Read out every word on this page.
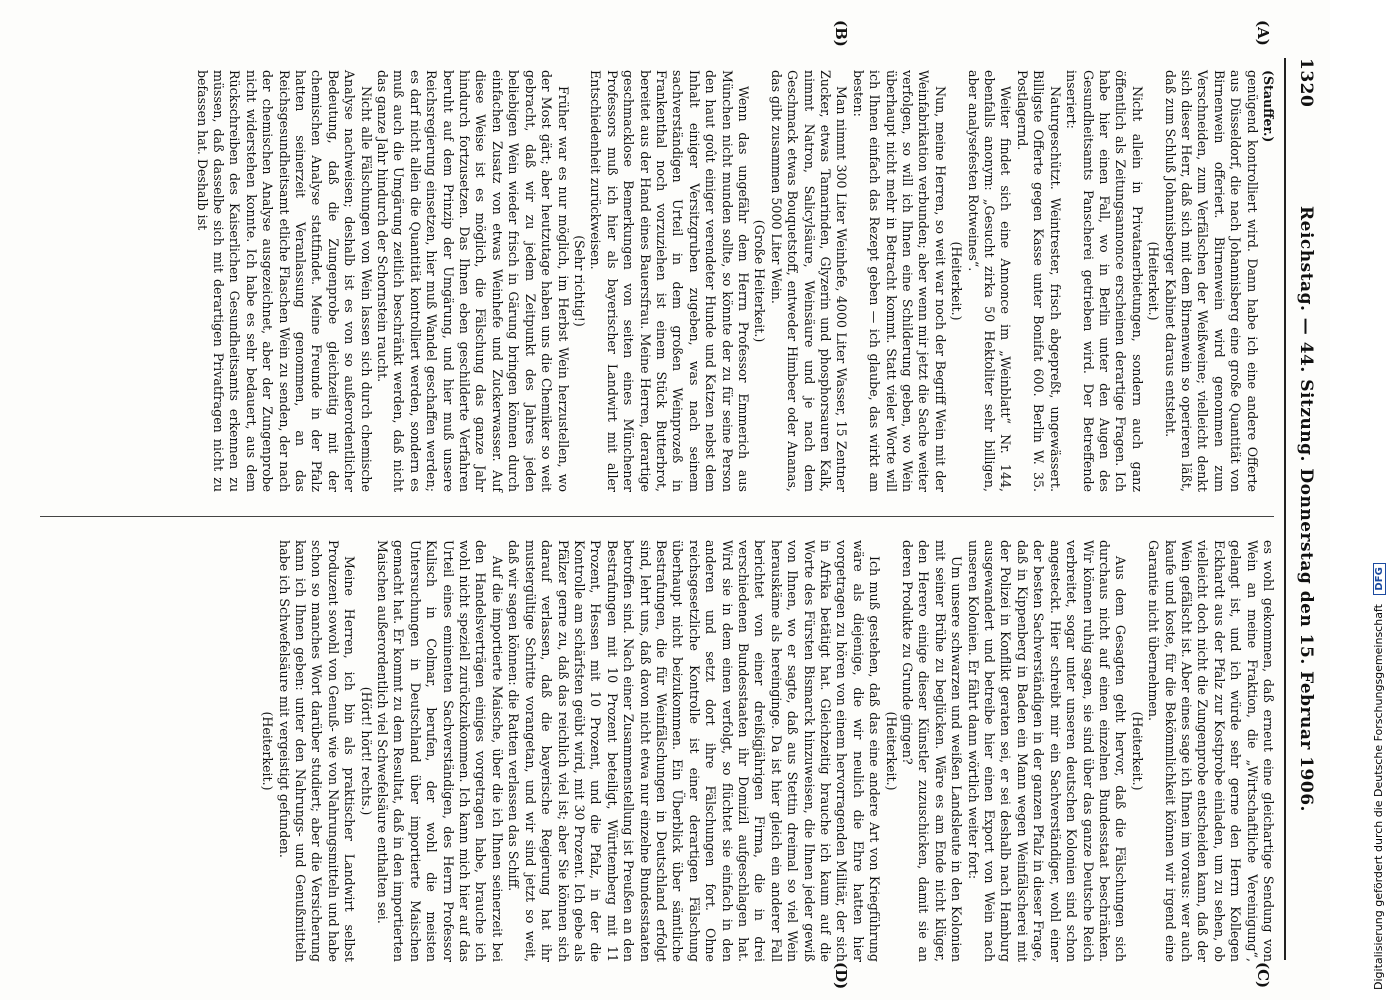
1320
Reichstag. — 44. Sitzung. Donnerstag den 15. Februar 1906.
(A)
(B)
(C)
(D)

(Stauffer.)

genügend kontrolliert wird. Dann habe ich eine andere Offerte aus Düsseldorf, die nach Johannisberg eine große Quantität von Birnenwein offeriert. Birnenwein wird genommen zum Verschneiden, zum Verfälschen der Weißweine; vielleicht denkt sich dieser Herr, daß sich mit dem Birnenwein so operieren läßt, daß zum Schluß Johannisberger Kabinet daraus entsteht.

(Heiterkeit.)

Nicht allein in Privatanerbietungen, sondern auch ganz öffentlich als Zeitungsannonce erscheinen derartige Fragen. Ich habe hier einen Fall, wo in Berlin unter den Augen des Gesundheitsamts Panscherei getrieben wird. Der Betreffende inseriert:

Naturgeschützt. Weintrester, frisch abgepreßt, ungewässert. Billigste Offerte gegen Kasse unter Bonifat 600. Berlin W. 35. Postlagernd.

Weiter findet sich eine Annonce im „Weinblatt“ Nr. 144, ebenfalls anonym: „Gesucht zirka 50 Hektoliter sehr billigen, aber analysefesten Rotweines“.

(Heiterkeit.)

Nun, meine Herren, so weit war noch der Begriff Wein mit der Weinfabrikation verbunden; aber wenn mir jetzt die Sache weiter verfolgen, so will ich Ihnen eine Schilderung geben, wo Wein überhaupt nicht mehr in Betracht kommt. Statt vieler Worte will ich Ihnen einfach das Rezept geben — ich glaube, das wirkt am besten:

Man nimmt 300 Liter Weinhefe, 4000 Liter Wasser, 15 Zentner Zucker, etwas Tamarinden, Glyzerin und phosphorsauren Kalk, nimmt Natron, Salicylsäure, Weinsäure und je nach dem Geschmack etwas Bouquetstoff, entweder Himbeer oder Ananas, das gibt zusammen 5000 Liter Wein.

(Große Heiterkeit.)

Wenn das ungefähr dem Herrn Professor Emmerich aus München nicht munden sollte, so könnte der zu für seine Person den haut goût einiger verendeter Hunde und Katzen nebst dem Inhalt einiger Versitzgruben zugeben, was nach seinem sachverständigen Urteil in dem großen Weinprozeß in Frankenthal noch vorzuziehen ist einem Stück Butterbrot, bereitet aus der Hand eines Bauersfrau. Meine Herren, derartige geschmacklose Bemerkungen von seiten eines Münchener Professors muß ich hier als bayerischer Landwirt mit aller Entschiedenheit zurückweisen.

(Sehr richtig!)

Früher war es nur möglich, im Herbst Wein herzustellen, wo der Most gärt; aber heutzutage haben uns die Chemiker so weit gebracht, daß wir zu jedem Zeitpunkt des Jahres jeden beliebigen Wein wieder frisch in Gärung bringen können durch einfachen Zusatz von etwas Weinhefe und Zuckerwasser. Auf diese Weise ist es möglich, die Fälschung das ganze Jahr hindurch fortzusetzen. Das Ihnen eben geschilderte Verfahren beruht auf dem Prinzip der Umgärung, und hier muß unsere Reichsregierung einsetzen, hier muß Wandel geschaffen werden; es darf nicht allein die Quantität kontrolliert werden, sondern es muß auch die Umgärung zeitlich beschränkt werden, daß nicht das ganze Jahr hindurch der Schornstein raucht.

Nicht alle Fälschungen von Wein lassen sich durch chemische Analyse nachweisen; deshalb ist es von so außerordentlicher Bedeutung, daß die Zungenprobe gleichzeitig mit der chemischen Analyse stattfindet. Meine Freunde in der Pfalz hatten seinerzeit Veranlassung genommen, an das Reichsgesundheitsamt etliche Flaschen Wein zu senden, der nach der chemischen Analyse ausgezeichnet, aber der Zungenprobe nicht widerstehen konnte. Ich habe es sehr bedauert, aus dem Rückschreiben des Kaiserlichen Gesundheitsamts erkennen zu müssen, daß dasselbe sich mit derartigen Privatfragen nicht zu befassen hat. Deshalb ist

es wohl gekommen, daß erneut eine gleichartige Sendung von Wein an meine Fraktion, die „Wirtschaftliche Vereinigung“, gelangt ist, und ich würde sehr gerne den Herrn Kollegen Eckhardt aus der Pfalz zur Kostprobe einladen, um zu sehen, ob vielleicht doch nicht die Zungenprobe entscheiden kann, daß der Wein gefälscht ist. Aber eines sage ich Ihnen im voraus: wer auch kaufe und koste, für die Bekömmlichkeit können wir irgend eine Garantie nicht übernehmen.

(Heiterkeit.)

Aus dem Gesagten geht hervor, daß die Fälschungen sich durchaus nicht auf einen einzelnen Bundesstaat beschränken. Wir können ruhig sagen, sie sind über das ganze Deutsche Reich verbreitet, sogar unter unseren deutschen Kolonien sind schon angesteckt. Hier schreibt mir ein Sachverständiger, wohl einer der besten Sachverständigen in der ganzen Pfalz in dieser Frage, daß in Kippenberg in Baden ein Mann wegen Weinfälscherei mit der Polizei in Konflikt geraten sei, er sei deshalb nach Hamburg ausgewandert und betreibe hier einen Export von Wein nach unseren Kolonien. Er fährt dann wörtlich weiter fort:

Um unsere schwarzen und weißen Landsleute in den Kolonien mit seiner Brühe zu beglücken. Wäre es am Ende nicht klüger, den Herero einige dieser Künstler zuzuschicken, damit sie an deren Produkte zu Grunde gingen?

(Heiterkeit.)

Ich muß gestehen, daß das eine andere Art von Kriegführung wäre als diejenige, die wir neulich die Ehre hatten hier vorgetragen zu hören von einem hervorragenden Militär, der sich in Afrika betätigt hat. Gleichzeitig brauche ich kaum auf die Worte des Fürsten Bismarck hinzuweisen, die Ihnen jeder gewiß von Ihnen, wo er sagte, daß aus Stettin dreimal so viel Wein herauskäme als hereinginge. Da ist hier gleich ein anderer Fall berichtet von einer dreißigjährigen Firma, die in drei verschiedenen Bundesstaaten ihr Domizil aufgeschlagen hat. Wird sie in dem einen verfolgt, so flüchtet sie einfach in den anderen und setzt dort ihre Fälschungen fort. Ohne reichsgesetzliche Kontrolle ist einer derartigen Fälschung überhaupt nicht beizukommen. Ein Überblick über sämtliche Bestrafungen, die für Weinfälschungen in Deutschland erfolgt sind, lehrt uns, daß davon nicht etwa nur einzelne Bundesstaaten betroffen sind. Nach einer Zusammenstellung ist Preußen an den Bestrafungen mit 10 Prozent beteiligt, Württemberg mit 11 Prozent, Hessen mit 10 Prozent, und die Pfalz, in der die Kontrolle am schärfsten geübt wird, mit 30 Prozent. Ich gebe als Pfälzer gerne zu, daß das reichlich viel ist; aber Sie können sich darauf verlassen, daß die bayerische Regierung hat ihr mustergültige Schritte vorangetan, und wir sind jetzt so weit, daß wir sagen können: die Ratten verlassen das Schiff.

Auf die importierte Maische, über die ich Ihnen seinerzeit bei den Handelsverträgen einiges vorgetragen habe, brauche ich wohl nicht speziell zurückzukommen. Ich kann mich hier auf das Urteil eines eminenten Sachverständigen, des Herrn Professor Kulisch in Colmar, berufen, der wohl die meisten Untersuchungen in Deutschland über importierte Maischen gemacht hat. Er kommt zu dem Resultat, daß in den importierten Maischen außerordentlich viel Schwefelsäure enthalten sei.

(Hört! hört! rechts.)

Meine Herren, ich bin als praktischer Landwirt selbst Produzent sowohl von Genuß- wie von Nahrungsmitteln und habe schon so manches Wort darüber studiert; aber die Versicherung kann ich Ihnen geben: unter den Nahrungs- und Genußmitteln habe ich Schwefelsäure mit vergeistigt gefunden.

(Heiterkeit.)	Digitalisierung gefördert durch die Deutsche Forschungsgemeinschaft DFG
